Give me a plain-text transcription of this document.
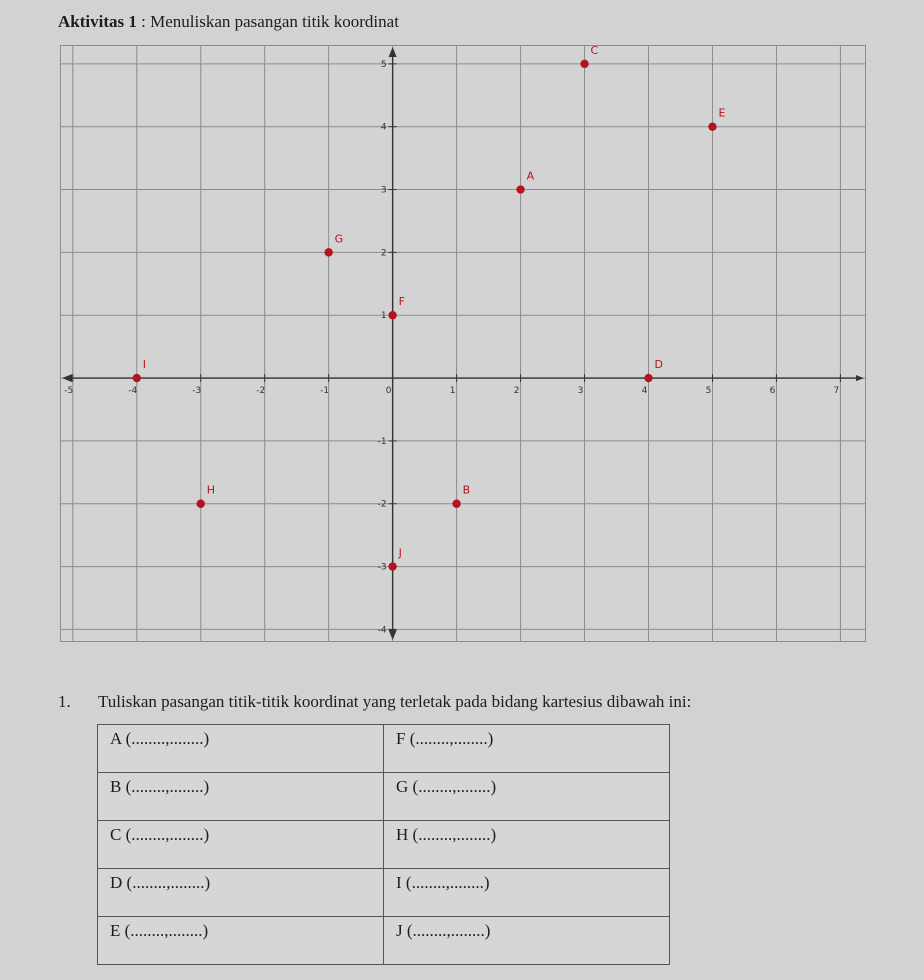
Aktivitas 1 : Menuliskan pasangan titik koordinat
-5	-4	-3	-2	-1	0	1	2	3	4	5	6	7
-4
-3
-2
-1
1
2
3
4
5
A
B
C
D
E
F
G
H
I
J
1. Tuliskan pasangan titik-titik koordinat yang terletak pada bidang kartesius dibawah ini:
A (........,........)	F (........,........)
B (........,........)	G (........,........)
C (........,........)	H (........,........)
D (........,........)	I (........,........)
E (........,........)	J (........,........)
